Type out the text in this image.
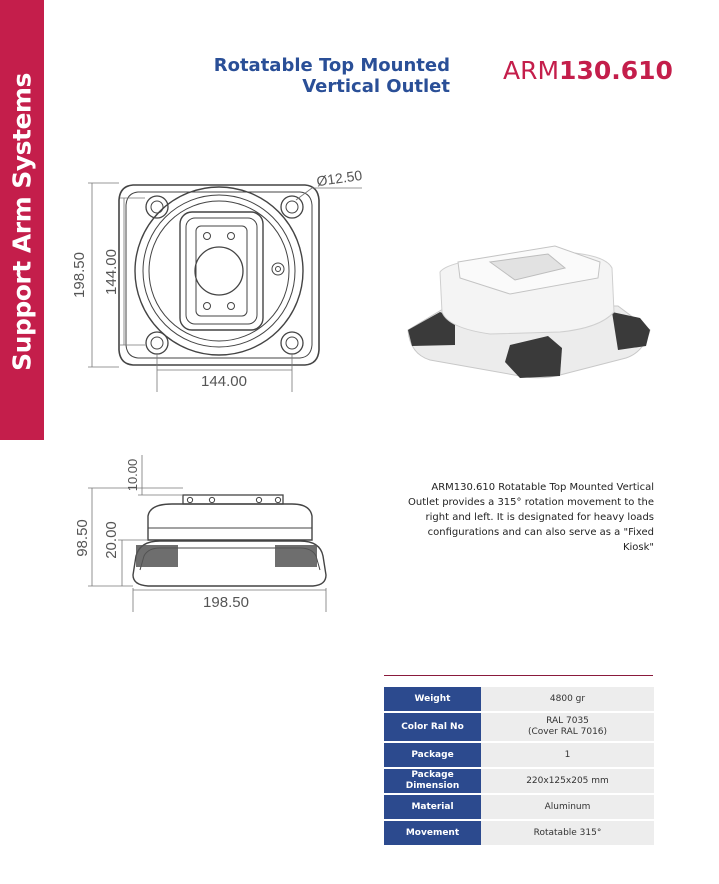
Support Arm Systems
Rotatable Top Mounted
Vertical Outlet
ARM130.610
198.50 144.00
144.00
Ø12.50
98.50 20.00
10.00
198.50
ARM130.610 Rotatable Top Mounted Vertical Outlet provides a 315° rotation movement to the right and left. It is designated for heavy loads configurations and can also serve as a "Fixed Kiosk"
Weight	4800 gr
Color Ral No	RAL 7035
(Cover RAL 7016)

Package	1
Package Dimension	220x125x205 mm
Material	Aluminum
Movement	Rotatable 315°
